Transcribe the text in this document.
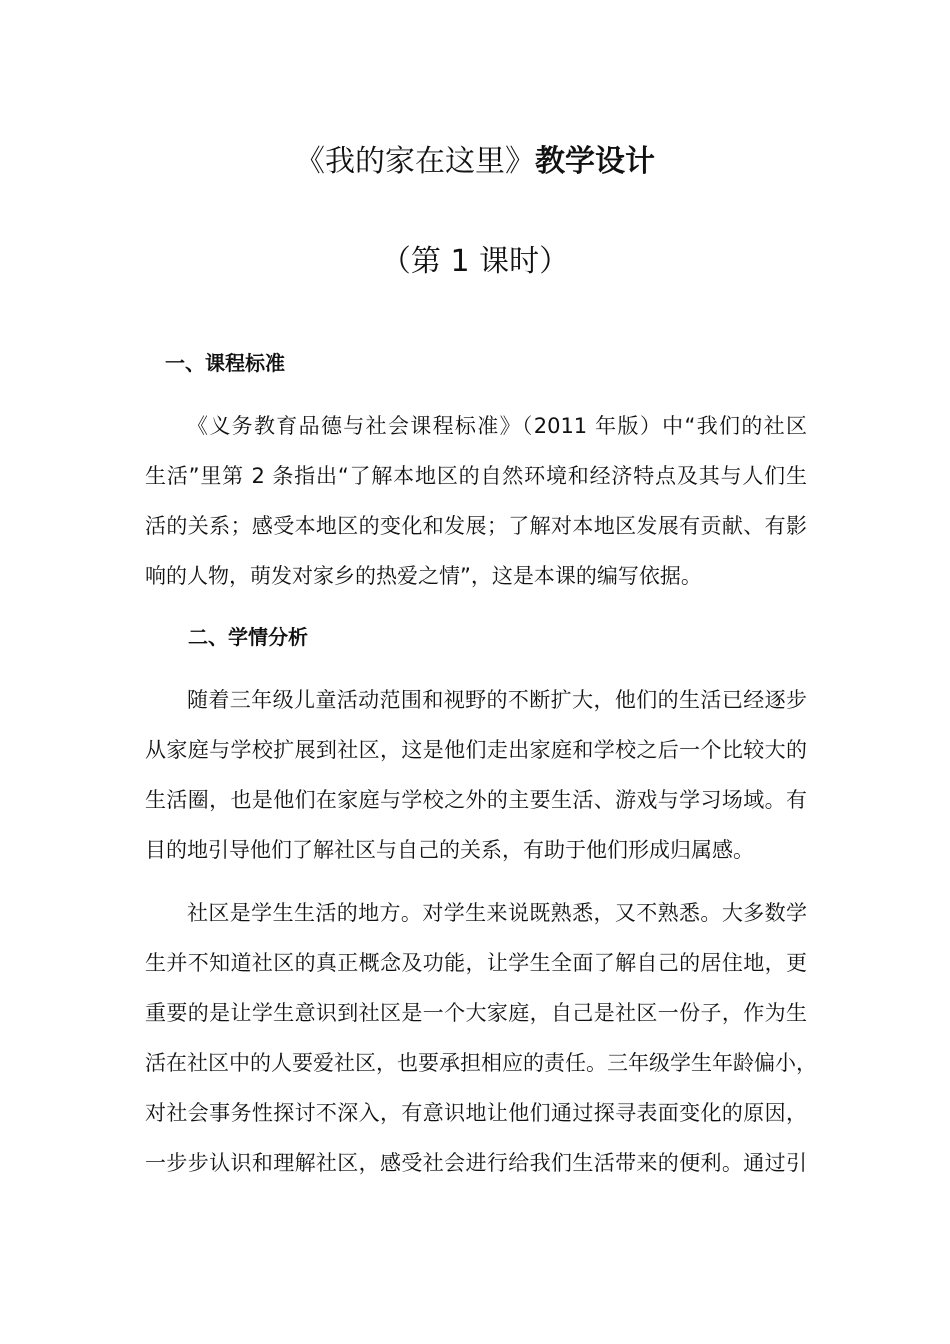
《我的家在这里》教学设计
（第 1 课时）
一、课程标准
《义务教育品德与社会课程标准》（2011 年版）中“我们的社区
生活”里第 2 条指出“了解本地区的自然环境和经济特点及其与人们生
活的关系；感受本地区的变化和发展；了解对本地区发展有贡献、有影
响的人物，萌发对家乡的热爱之情”，这是本课的编写依据。
二、学情分析
随着三年级儿童活动范围和视野的不断扩大，他们的生活已经逐步
从家庭与学校扩展到社区，这是他们走出家庭和学校之后一个比较大的
生活圈，也是他们在家庭与学校之外的主要生活、游戏与学习场域。有
目的地引导他们了解社区与自己的关系，有助于他们形成归属感。
社区是学生生活的地方。对学生来说既熟悉，又不熟悉。大多数学
生并不知道社区的真正概念及功能，让学生全面了解自己的居住地，更
重要的是让学生意识到社区是一个大家庭，自己是社区一份子，作为生
活在社区中的人要爱社区，也要承担相应的责任。三年级学生年龄偏小，
对社会事务性探讨不深入，有意识地让他们通过探寻表面变化的原因，
一步步认识和理解社区，感受社会进行给我们生活带来的便利。通过引
